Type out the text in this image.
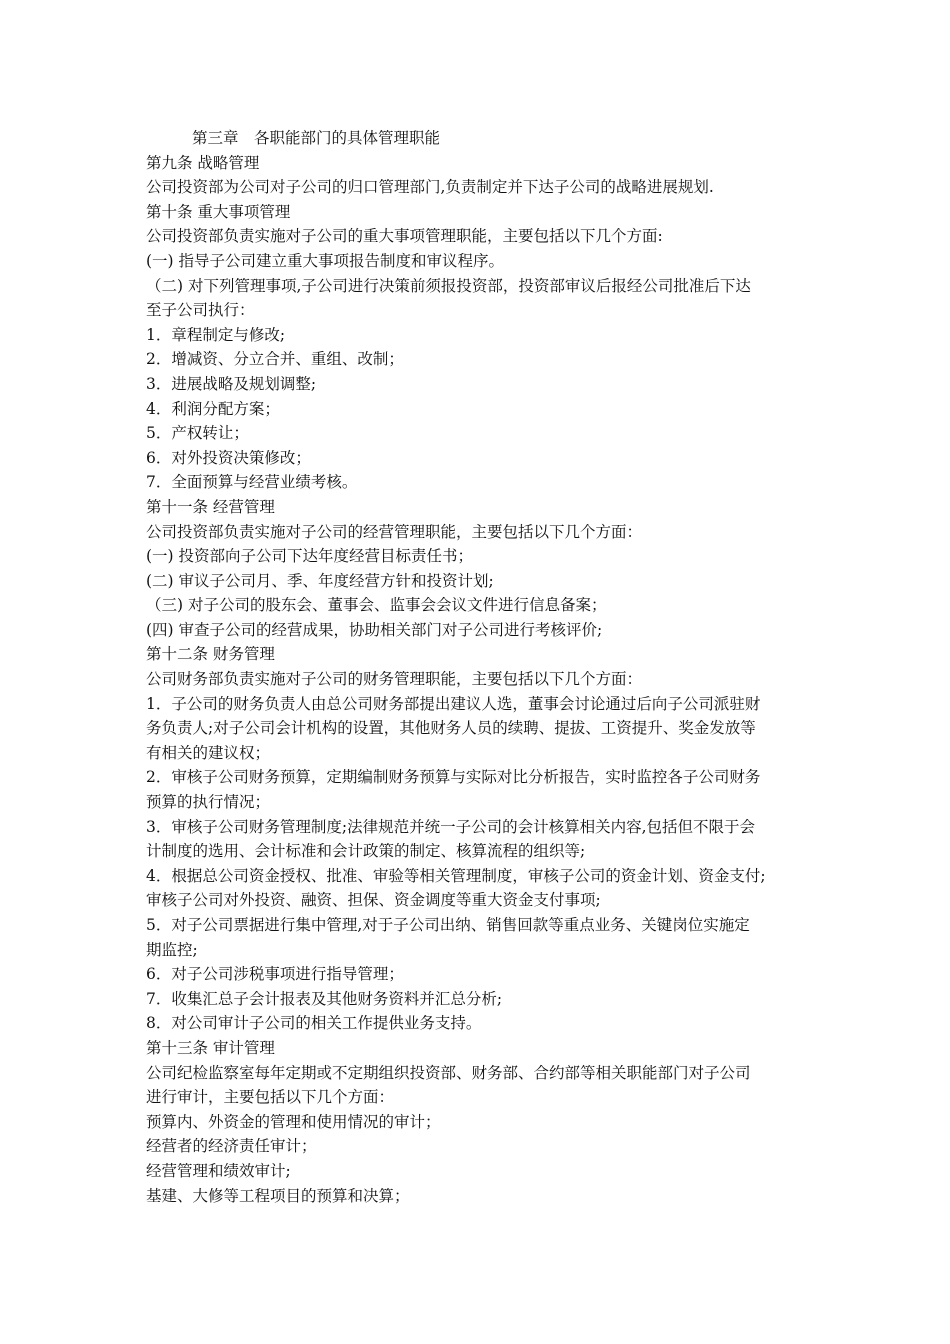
第三章　各职能部门的具体管理职能
第九条 战略管理
公司投资部为公司对子公司的归口管理部门,负责制定并下达子公司的战略进展规划.
第十条 重大事项管理
公司投资部负责实施对子公司的重大事项管理职能，主要包括以下几个方面:
(一) 指导子公司建立重大事项报告制度和审议程序。
（二) 对下列管理事项,子公司进行决策前须报投资部，投资部审议后报经公司批准后下达
至子公司执行：
1．章程制定与修改;
2．增减资、分立合并、重组、改制；
3．进展战略及规划调整;
4．利润分配方案；
5．产权转让；
6．对外投资决策修改；
7．全面预算与经营业绩考核。
第十一条 经营管理
公司投资部负责实施对子公司的经营管理职能，主要包括以下几个方面：
(一) 投资部向子公司下达年度经营目标责任书；
(二) 审议子公司月、季、年度经营方针和投资计划;
（三) 对子公司的股东会、董事会、监事会会议文件进行信息备案；
(四) 审查子公司的经营成果，协助相关部门对子公司进行考核评价;
第十二条 财务管理
公司财务部负责实施对子公司的财务管理职能，主要包括以下几个方面：
1．子公司的财务负责人由总公司财务部提出建议人选，董事会讨论通过后向子公司派驻财
务负责人;对子公司会计机构的设置，其他财务人员的续聘、提拔、工资提升、奖金发放等
有相关的建议权；
2．审核子公司财务预算，定期编制财务预算与实际对比分析报告，实时监控各子公司财务
预算的执行情况；
3．审核子公司财务管理制度;法律规范并统一子公司的会计核算相关内容,包括但不限于会
计制度的选用、会计标准和会计政策的制定、核算流程的组织等;
4．根据总公司资金授权、批准、审验等相关管理制度，审核子公司的资金计划、资金支付;
审核子公司对外投资、融资、担保、资金调度等重大资金支付事项;
5．对子公司票据进行集中管理,对于子公司出纳、销售回款等重点业务、关键岗位实施定
期监控;
6．对子公司涉税事项进行指导管理；
7．收集汇总子会计报表及其他财务资料并汇总分析;
8．对公司审计子公司的相关工作提供业务支持。
第十三条 审计管理
公司纪检监察室每年定期或不定期组织投资部、财务部、合约部等相关职能部门对子公司
进行审计，主要包括以下几个方面：
预算内、外资金的管理和使用情况的审计；
经营者的经济责任审计；
经营管理和绩效审计;
基建、大修等工程项目的预算和决算；
